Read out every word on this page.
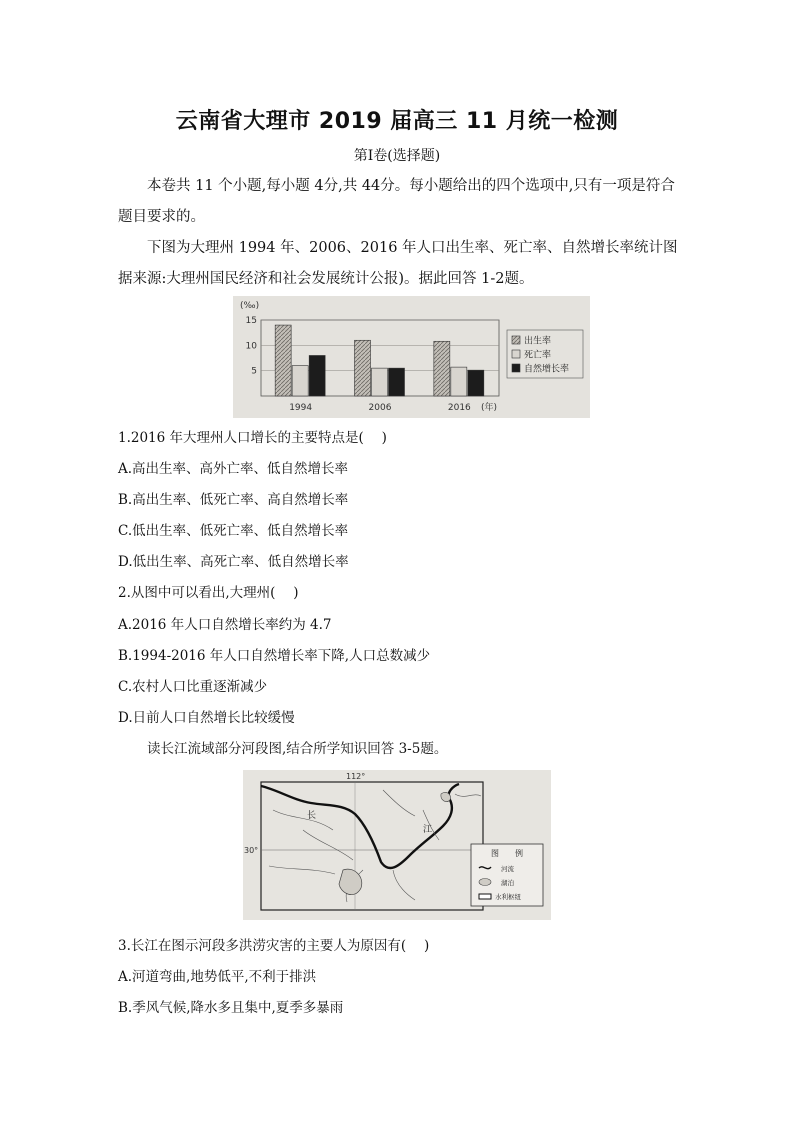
云南省大理市 2019 届高三 11 月统一检测
第Ⅰ卷(选择题)
本卷共 11 个小题,每小题 4分,共 44分。每小题给出的四个选项中,只有一项是符合题目要求的。
下图为大理州 1994 年、2006、2016 年人口出生率、死亡率、自然增长率统计图据来源:大理州国民经济和社会发展统计公报)。据此回答 1-2题。
(‰)
5
10
15
1994	2006	2016 (年)
出生率
死亡率
自然增长率
1.2016 年大理州人口增长的主要特点是(　 )
A.高出生率、高外亡率、低自然增长率
B.高出生率、低死亡率、高自然增长率
C.低出生率、低死亡率、低自然增长率
D.低出生率、高死亡率、低自然增长率
2.从图中可以看出,大理州(　 )
A.2016 年人口自然增长率约为 4.7
B.1994-2016 年人口自然增长率下降,人口总数减少
C.农村人口比重逐渐减少
D.日前人口自然增长比较缓慢
读长江流域部分河段图,结合所学知识回答 3-5题。
112°
30°
长
江
图　　例
河流
湖泊
水利枢纽
3.长江在图示河段多洪涝灾害的主要人为原因有(　 )
A.河道弯曲,地势低平,不利于排洪
B.季风气候,降水多且集中,夏季多暴雨
